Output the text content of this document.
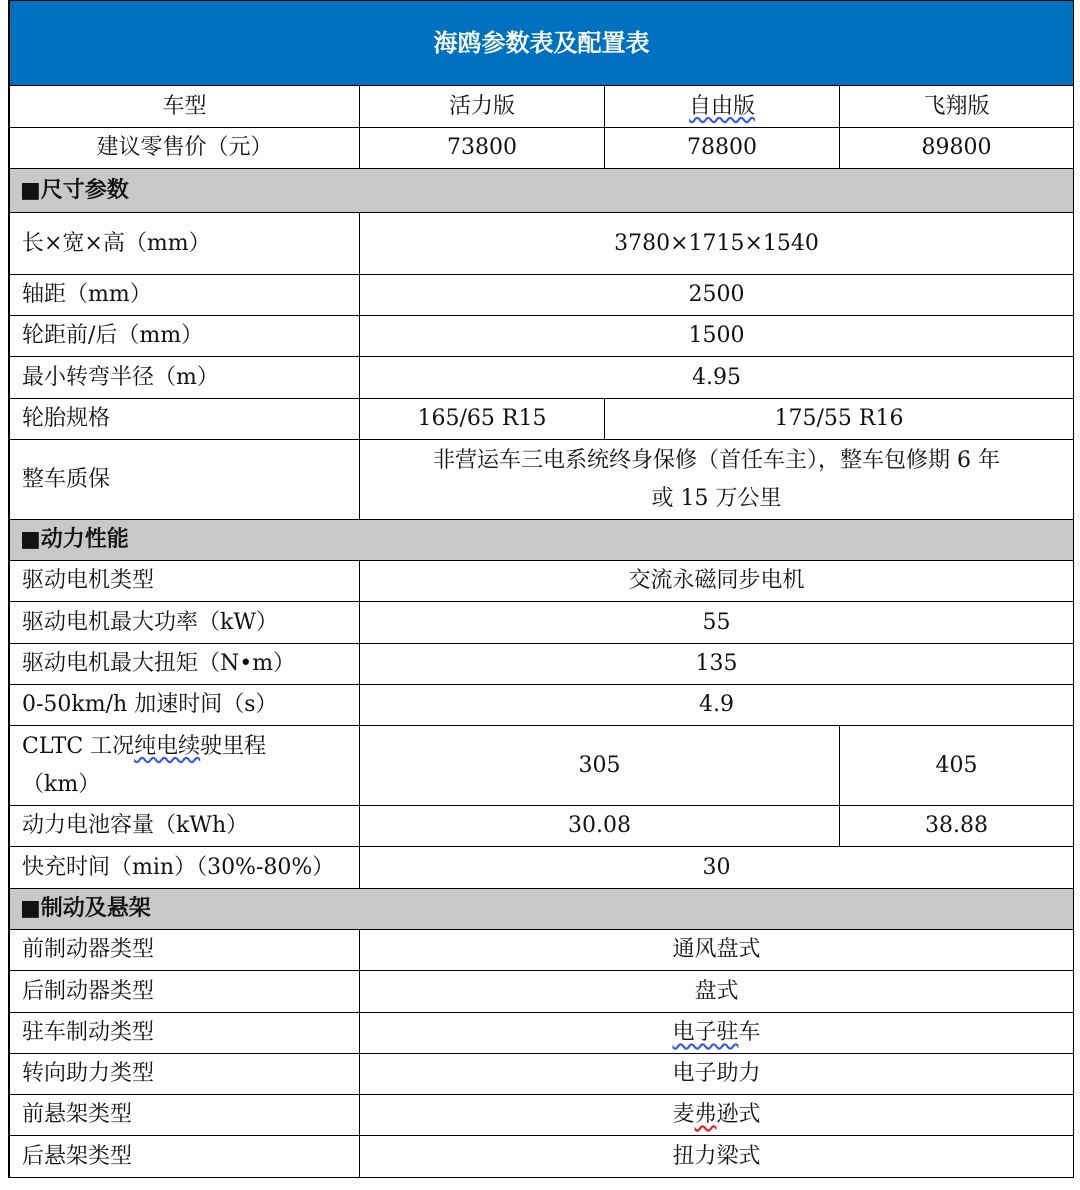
海鸥参数表及配置表			
车型	活力版	自由版	飞翔版
建议零售价（元）	73800	78800	89800
■尺寸参数			
长×宽×高（mm）	3780×1715×1540		
轴距（mm）	2500		
轮距前/后（mm）	1500		
最小转弯半径（m）	4.95		
轮胎规格	165/65 R15	175/55 R16	
整车质保	非营运车三电系统终身保修（首任车主），整车包修期 6 年
或 15 万公里		

■动力性能			
驱动电机类型	交流永磁同步电机		
驱动电机最大功率（kW）	55		
驱动电机最大扭矩（N•m）	135		
0-50km/h 加速时间（s）	4.9		

CLTC 工况纯电续驶里程
（km）	305		405
动力电池容量（kWh）	30.08		38.88
快充时间（min）（30%-80%）	30		
■制动及悬架			
前制动器类型	通风盘式		
后制动器类型	盘式		
驻车制动类型	电子驻车		
转向助力类型	电子助力		
前悬架类型	麦弗逊式		
后悬架类型	扭力梁式		
